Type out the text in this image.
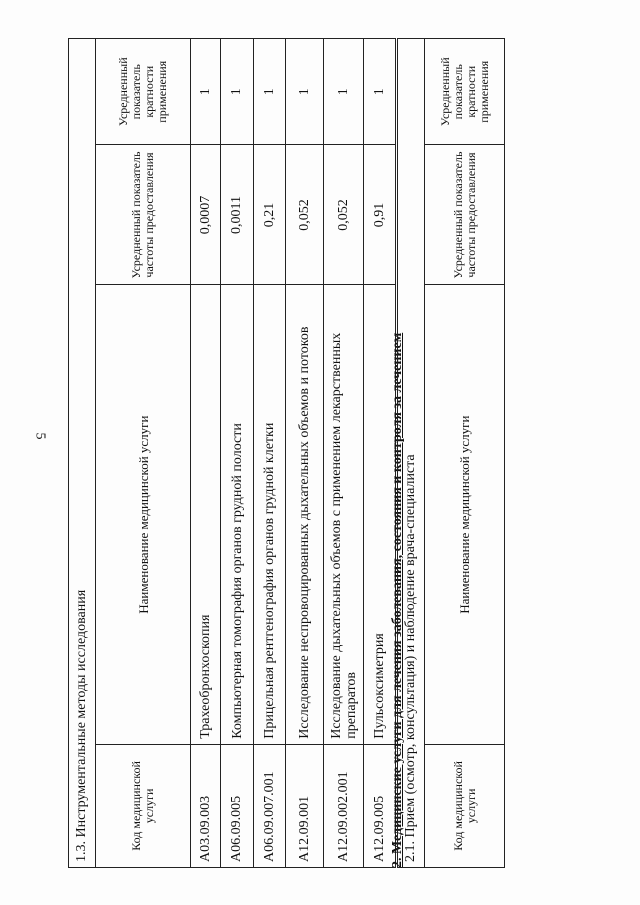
5
1.3. Инструментальные методы исследования			
Код медицинской услуги	Наименование медицинской услуги	Усредненный показатель частоты предоставления	Усредненный показатель кратности применения
A03.09.003	Трахеобронхоскопия	0,0007	1
A06.09.005	Компьютерная томография органов грудной полости	0,0011	1
A06.09.007.001	Прицельная рентгенография органов грудной клетки	0,21	1
A12.09.001	Исследование неспровоцированных дыхательных объемов и потоков	0,052	1
A12.09.002.001	Исследование дыхательных объемов с применением лекарственных препаратов	0,052	1
A12.09.005	Пульсоксиметрия	0,91	1
2. Медицинские услуги для лечения заболевания, состояния и контроля за лечением
2.1. Прием (осмотр, консультация) и наблюдение врача-специалиста
Код медицинской услуги	Наименование медицинской услуги	Усредненный показатель частоты предоставления	Усредненный показатель кратности применения
